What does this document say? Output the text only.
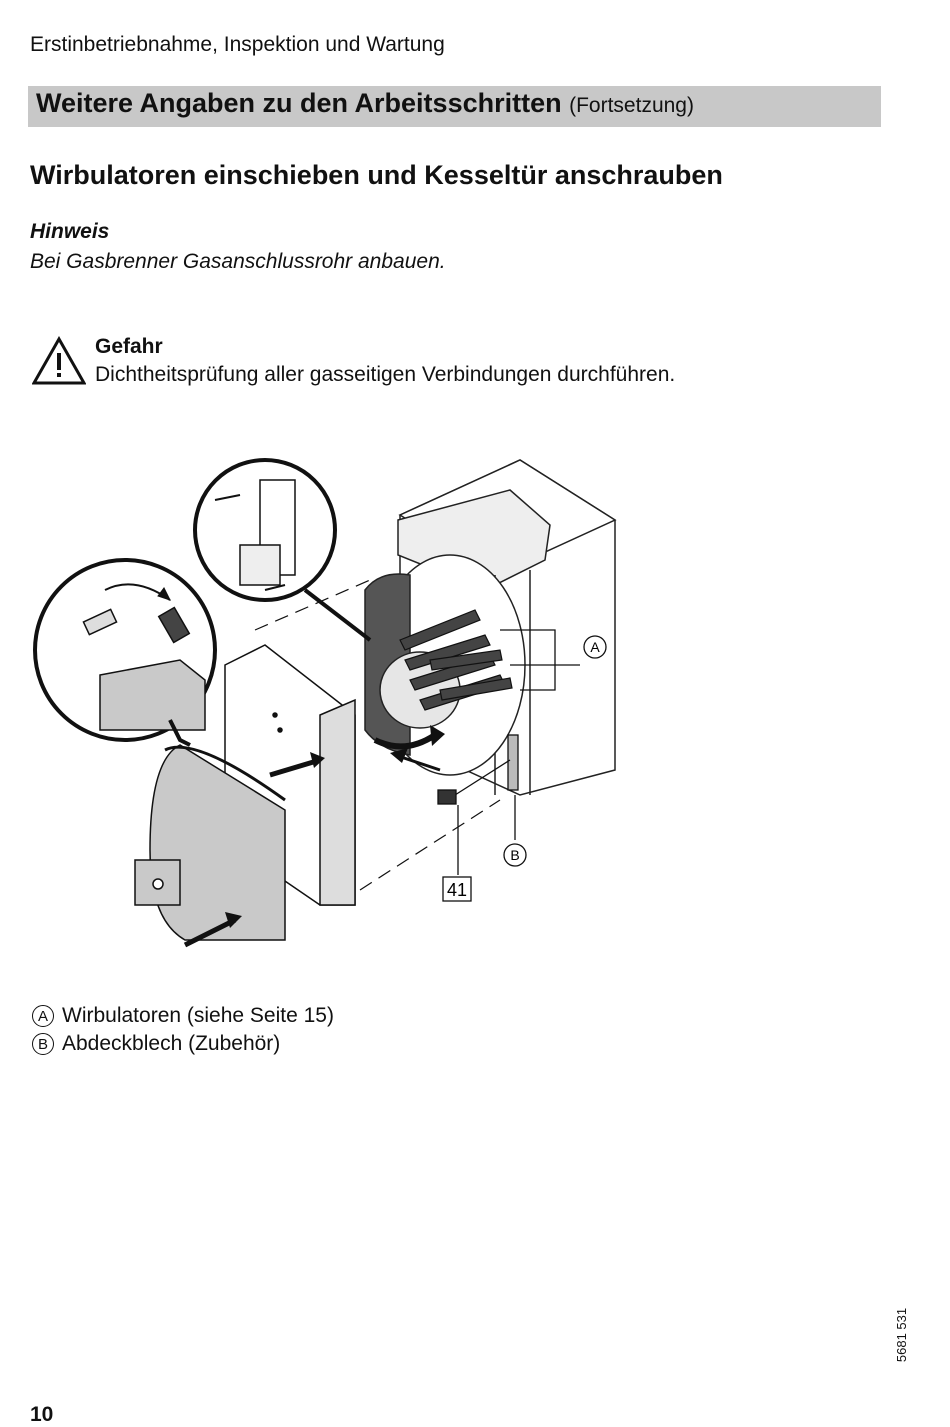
Erstinbetriebnahme, Inspektion und Wartung
Weitere Angaben zu den Arbeitsschritten (Fortsetzung)
Wirbulatoren einschieben und Kesseltür anschrauben
Hinweis
Bei Gasbrenner Gasanschlussrohr anbauen.
Gefahr
Dichtheitsprüfung aller gasseitigen Verbindungen durchführen.
A
B
41
A Wirbulatoren (siehe Seite 15)
B Abdeckblech (Zubehör)
5681 531
10
